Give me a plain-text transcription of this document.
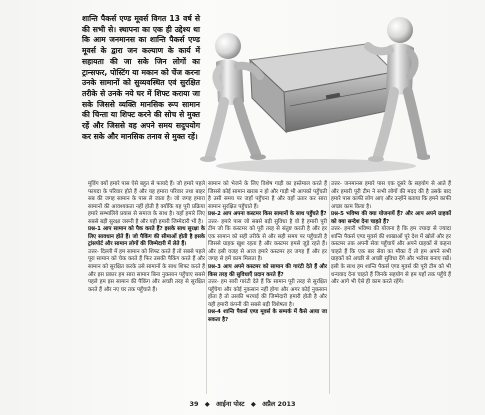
शान्ति पैकर्स एण्ड मूवर्स विगत 13 वर्ष से की सभी से। स्थापना का एक ही उद्देश्य था कि आम जनमानस का शान्ति पैकर्स एण्ड मूवर्स के द्वारा जन कल्याण के कार्य में सहायता की जा सके जिन लोगों का ट्रान्सफर, पोस्टिंग या मकान को चेंज करना उनके सामानों को सुव्यवस्थित एवं सुरक्षित तरीके से उनके नये घर में शिफ्ट कराया जा सके जिससे व्यक्ति मानसिक रूप सामान की चिन्ता या शिफ्ट करने की सोच से मुक्त रहें और जिससे वह अपने समय सदुपयोग कर सके और मानसिक तनाव से मुक्त रहें।

मूविंग क्यों हमारे पास ऐसे बहुत से फायदे हैं। जो हमारे पहले फायदा के परिवार होते हैं और यह हमारा परिवार तथा बाहर सब की जगह सामान के पास ले जाता है। जो जगह हमारा सामानों की आवश्यकता नहीं होती है क्योंकि यह पूरी प्रक्रिया हमारे सम्भालिये प्रयास से समाज के साथ है। यहाँ हमारे लिए सबसे बड़ी सुरक्षा जरूरी है और यही हमारी जिम्मेदारी भी है।

प्रश्न-1 आप सामान को पैक करते हैं? इसके साथ सुरक्षा के लिए सावधान होते हैं। जो पैकिंग की सीमाओं होती है इसके ट्रांसपोर्ट और सामान लोगों की जिम्मेदारी में लेते हैं।

उत्तर- दिल्ली में हम सामान को शिफ्ट करते हैं तो सबसे पहले पूरा सामान को चेक करते हैं फिर उसकी पैकिंग करते हैं और सामान को सुरक्षित करके उसे सामानों के साथ शिफ्ट करते हैं और इस प्रकार हम सारा सामान बिना नुकसान पहुँचाए सबसे पहले हम इस सामान की पैकिंग और अच्छी तरह से सुरक्षित करते हैं और नए घर तक पहुँचाते हैं।

सामान को भेजने के लिए विशेष गाड़ी का इस्तेमाल करते हैं जिससे कोई सामान खराब न हो और गाड़ी भी आपको पहुँचती है उसी समय पर जहाँ पहुँचना है और वहाँ उतार कर सारा सामान सुरक्षित पहुँचाते हैं।

प्रश्न-2 आप अपना कस्टमर किस सामानों के साथ पहुँचते हैं?

उत्तर- हमारे पास जो सबसे बड़ी सुविधा है वो है हमारी पूरी टीम जो कि कस्टमर को पूरी तरह से संतुष्ट करती है और हर एक सामान को सही तरीके से और सही समय पर पहुँचाती है जिससे ग्राहक खुश रहता है और कस्टमर हमसे जुड़े रहते हैं। और इसी वजह से आज हमारे कस्टमर हर जगह हैं और हर जगह से हमें काम मिलता है।

प्रश्न-3 आप अपने कस्टमर को सामान की गारंटी देते हैं और किस तरह की सुविधाएँ प्रदान करते हैं?

उत्तर- हम सारी गारंटी देते हैं कि सामान पूरी तरह से सुरक्षित पहुँचेगा और कोई नुकसान नहीं होगा और अगर कोई नुकसान होता है तो उसकी भरपाई की जिम्मेदारी हमारी होती है और यही हमारी कंपनी की सबसे बड़ी विशेषता है।

प्रश्न-4 शान्ति पैकर्स एण्ड मूवर्स के सम्पर्क में कैसे आया जा सकता है?

उत्तर- जनमानस हमारे पास एक दूसरे के सहयोग से आते हैं और हमारी पूरी टीम ने सभी लोगों की मदद की है उसके बाद हमारे पास काफी लोग आए और उन्होंने बताया कि हमने काफी अच्छा काम किया है।

प्रश्न-5 भविष्य की क्या योजनायें हैं? और आप अपने ग्राहकों को क्या सन्देश देना चाहते हैं?

उत्तर- हमारी भविष्य की योजना है कि हम ज्यादा से ज्यादा शान्ति पैकर्स एण्ड मूवर्स की शाखाओं पूरे देश में खोलें और हर कस्टमर तक अपनी सेवा पहुँचायें और अपने ग्राहकों से कहना चाहते हैं कि एक बार सेवा का मौका दें तो हम अपने सभी ग्राहकों को अच्छी से अच्छी सुविधा देंगे और भरोसा बनाए रखें। इसी के साथ हम शान्ति पैकर्स एण्ड मूवर्स की पूरी टीम को भी धन्यवाद देना चाहते हैं जिनके सहयोग से हम यहाँ तक पहुँचे हैं और आगे भी ऐसे ही काम करते रहेंगे।

39 ◆ आईना पोस्ट ◆ अप्रैल 2013
